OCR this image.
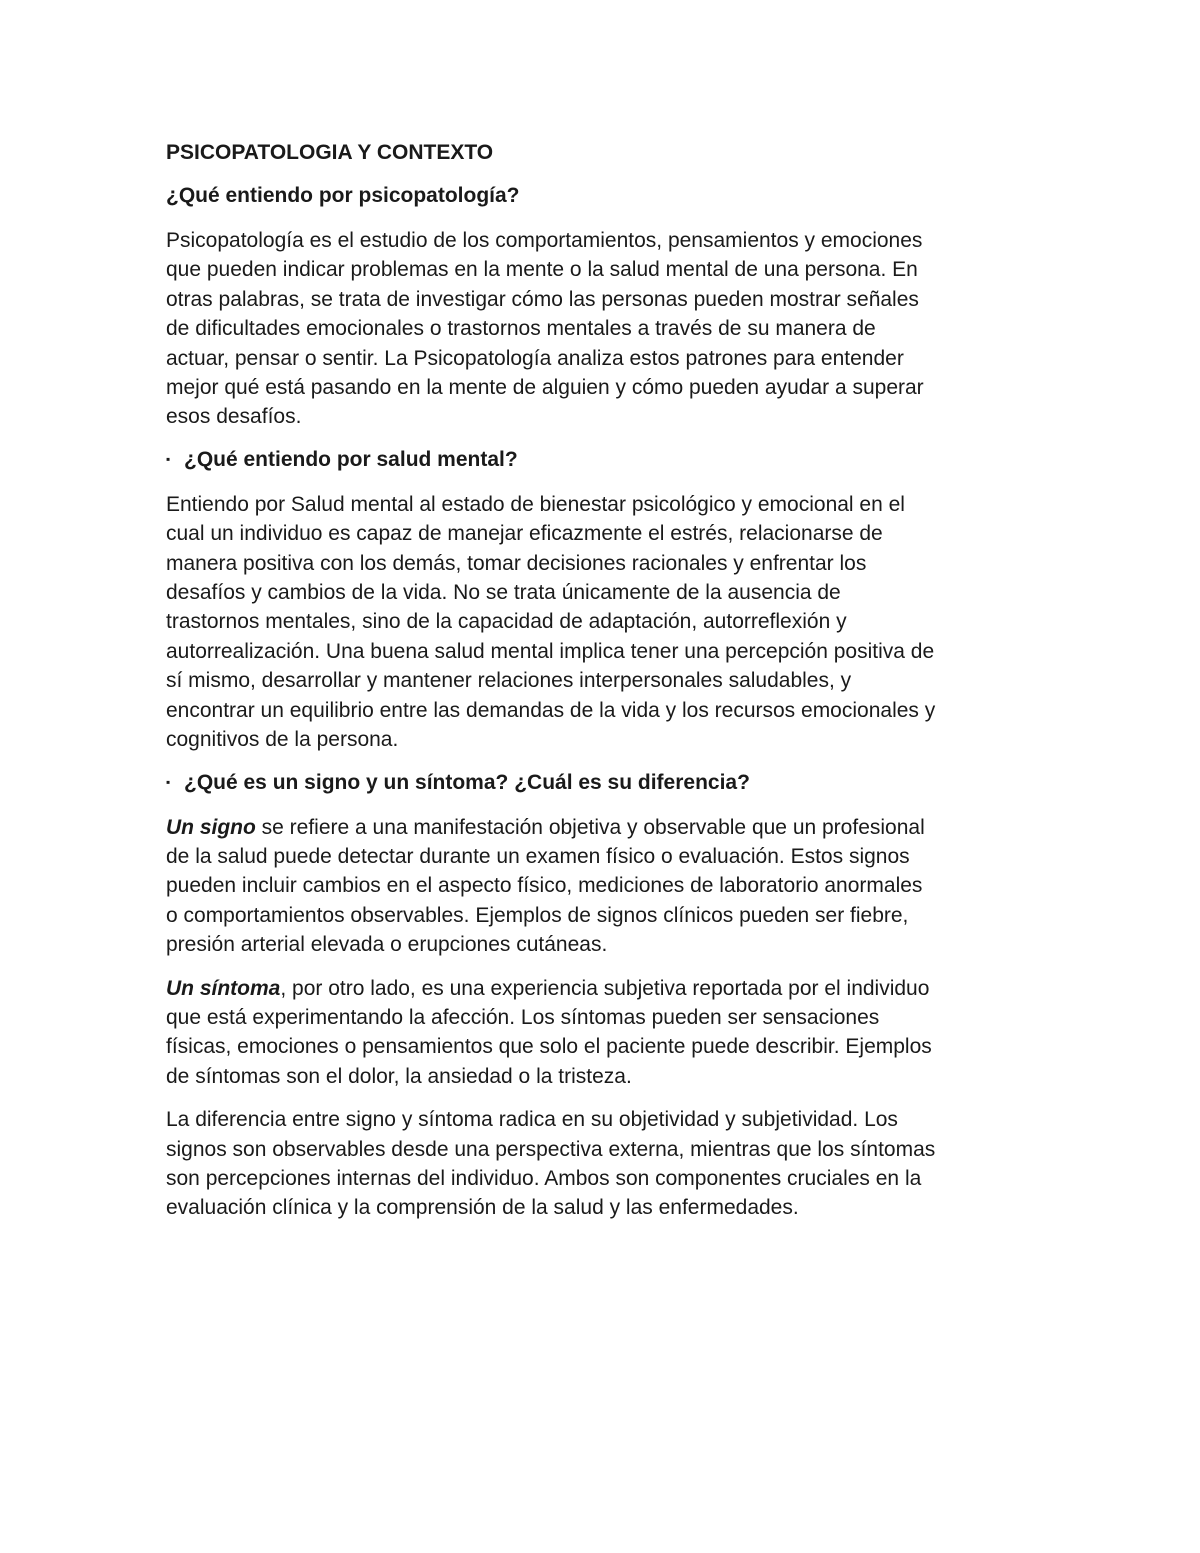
PSICOPATOLOGIA Y CONTEXTO
¿Qué entiendo por psicopatología?
Psicopatología es el estudio de los comportamientos, pensamientos y emociones
que pueden indicar problemas en la mente o la salud mental de una persona. En
otras palabras, se trata de investigar cómo las personas pueden mostrar señales
de dificultades emocionales o trastornos mentales a través de su manera de
actuar, pensar o sentir. La Psicopatología analiza estos patrones para entender
mejor qué está pasando en la mente de alguien y cómo pueden ayudar a superar
esos desafíos.
▪ ¿Qué entiendo por salud mental?
Entiendo por Salud mental al estado de bienestar psicológico y emocional en el
cual un individuo es capaz de manejar eficazmente el estrés, relacionarse de
manera positiva con los demás, tomar decisiones racionales y enfrentar los
desafíos y cambios de la vida. No se trata únicamente de la ausencia de
trastornos mentales, sino de la capacidad de adaptación, autorreflexión y
autorrealización. Una buena salud mental implica tener una percepción positiva de
sí mismo, desarrollar y mantener relaciones interpersonales saludables, y
encontrar un equilibrio entre las demandas de la vida y los recursos emocionales y
cognitivos de la persona.
▪ ¿Qué es un signo y un síntoma? ¿Cuál es su diferencia?
Un signo se refiere a una manifestación objetiva y observable que un profesional
de la salud puede detectar durante un examen físico o evaluación. Estos signos
pueden incluir cambios en el aspecto físico, mediciones de laboratorio anormales
o comportamientos observables. Ejemplos de signos clínicos pueden ser fiebre,
presión arterial elevada o erupciones cutáneas.
Un síntoma, por otro lado, es una experiencia subjetiva reportada por el individuo
que está experimentando la afección. Los síntomas pueden ser sensaciones
físicas, emociones o pensamientos que solo el paciente puede describir. Ejemplos
de síntomas son el dolor, la ansiedad o la tristeza.
La diferencia entre signo y síntoma radica en su objetividad y subjetividad. Los
signos son observables desde una perspectiva externa, mientras que los síntomas
son percepciones internas del individuo. Ambos son componentes cruciales en la
evaluación clínica y la comprensión de la salud y las enfermedades.
